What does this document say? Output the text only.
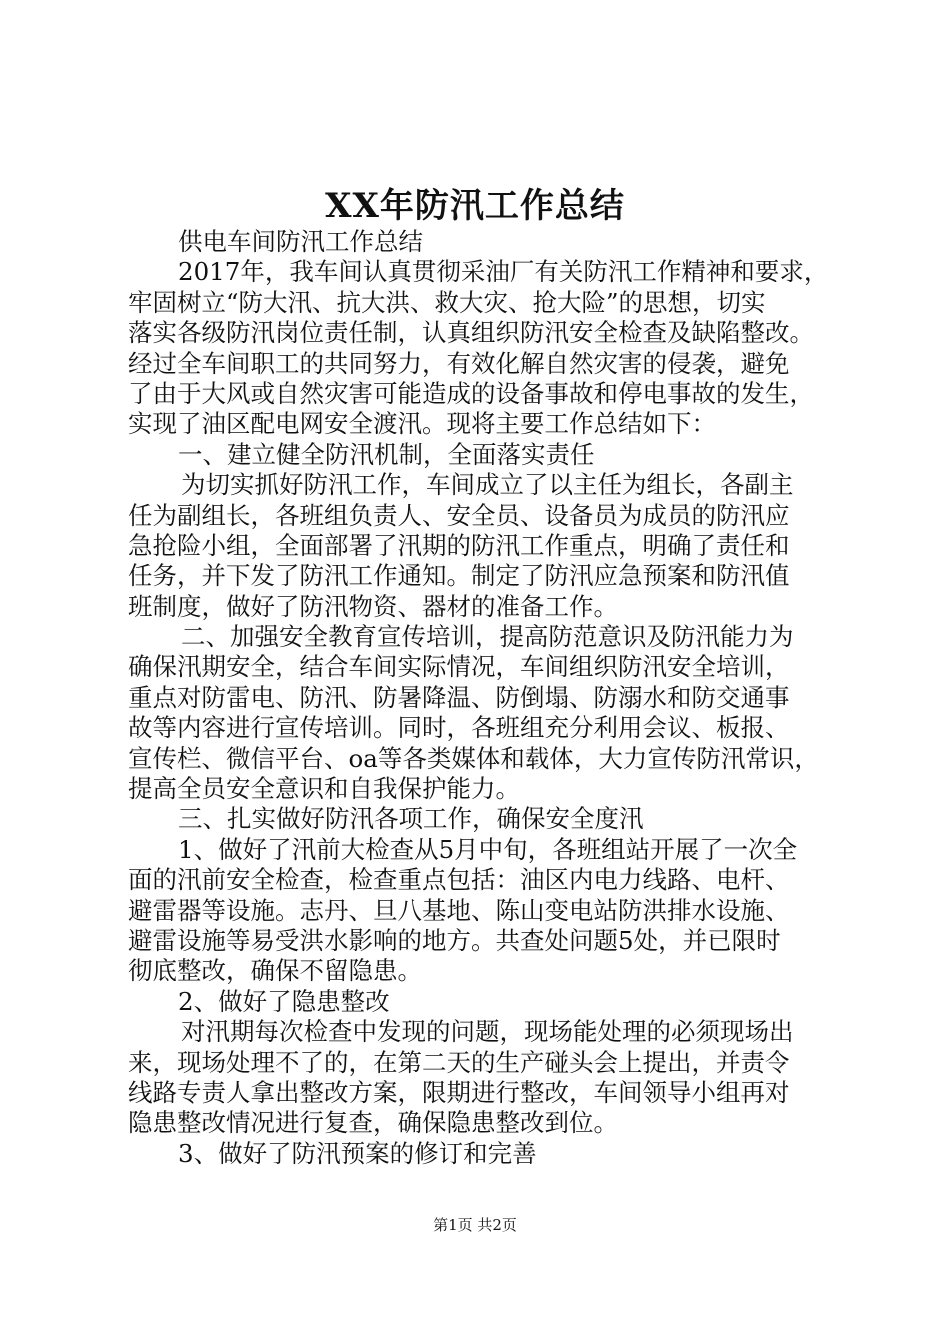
XX年防汛工作总结
供电车间防汛工作总结
2017年，我车间认真贯彻采油厂有关防汛工作精神和要求，
牢固树立“防大汛、抗大洪、救大灾、抢大险”的思想，切实
落实各级防汛岗位责任制，认真组织防汛安全检查及缺陷整改。
经过全车间职工的共同努力，有效化解自然灾害的侵袭，避免
了由于大风或自然灾害可能造成的设备事故和停电事故的发生，
实现了油区配电网安全渡汛。现将主要工作总结如下：
一、建立健全防汛机制，全面落实责任
为切实抓好防汛工作，车间成立了以主任为组长，各副主
任为副组长，各班组负责人、安全员、设备员为成员的防汛应
急抢险小组，全面部署了汛期的防汛工作重点，明确了责任和
任务，并下发了防汛工作通知。制定了防汛应急预案和防汛值
班制度，做好了防汛物资、器材的准备工作。
二、加强安全教育宣传培训，提高防范意识及防汛能力为
确保汛期安全，结合车间实际情况，车间组织防汛安全培训，
重点对防雷电、防汛、防暑降温、防倒塌、防溺水和防交通事
故等内容进行宣传培训。同时，各班组充分利用会议、板报、
宣传栏、微信平台、oa等各类媒体和载体，大力宣传防汛常识，
提高全员安全意识和自我保护能力。
三、扎实做好防汛各项工作，确保安全度汛
1、做好了汛前大检查从5月中旬，各班组站开展了一次全
面的汛前安全检查，检查重点包括：油区内电力线路、电杆、
避雷器等设施。志丹、旦八基地、陈山变电站防洪排水设施、
避雷设施等易受洪水影响的地方。共查处问题5处，并已限时
彻底整改，确保不留隐患。
2、做好了隐患整改
对汛期每次检查中发现的问题，现场能处理的必须现场出
来，现场处理不了的，在第二天的生产碰头会上提出，并责令
线路专责人拿出整改方案，限期进行整改，车间领导小组再对
隐患整改情况进行复查，确保隐患整改到位。
3、做好了防汛预案的修订和完善
第1页 共2页
